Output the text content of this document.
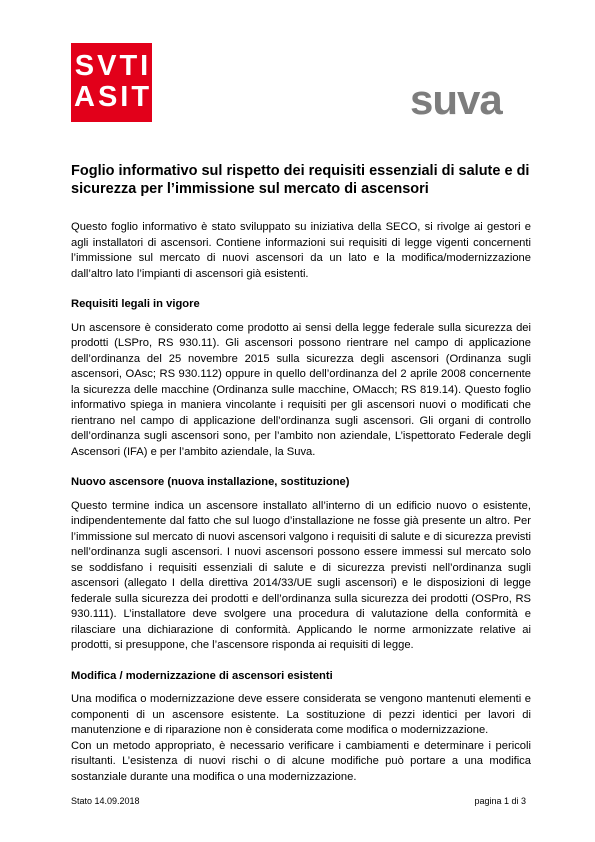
SVTI
ASIT	suva
Foglio informativo sul rispetto dei requisiti essenziali di salute e di sicurezza per l’immissione sul mercato di ascensori

Questo foglio informativo è stato sviluppato su iniziativa della SECO, si rivolge ai gestori e agli installatori di ascensori. Contiene informazioni sui requisiti di legge vigenti concernenti l’immissione sul mercato di nuovi ascensori da un lato e la modifica/modernizzazione dall’altro lato l’impianti di ascensori già esistenti.

Requisiti legali in vigore

Un ascensore è considerato come prodotto ai sensi della legge federale sulla sicurezza dei prodotti (LSPro, RS 930.11). Gli ascensori possono rientrare nel campo di applicazione dell’ordinanza del 25 novembre 2015 sulla sicurezza degli ascensori (Ordinanza sugli ascensori, OAsc; RS 930.112) oppure in quello dell’ordinanza del 2 aprile 2008 concernente la sicurezza delle macchine (Ordinanza sulle macchine, OMacch; RS 819.14). Questo foglio informativo spiega in maniera vincolante i requisiti per gli ascensori nuovi o modificati che rientrano nel campo di applicazione dell’ordinanza sugli ascensori. Gli organi di controllo dell’ordinanza sugli ascensori sono, per l’ambito non aziendale, L’ispettorato Federale degli Ascensori (IFA) e per l’ambito aziendale, la Suva.

Nuovo ascensore (nuova installazione, sostituzione)

Questo termine indica un ascensore installato all’interno di un edificio nuovo o esistente, indipendentemente dal fatto che sul luogo d’installazione ne fosse già presente un altro. Per l’immissione sul mercato di nuovi ascensori valgono i requisiti di salute e di sicurezza previsti nell’ordinanza sugli ascensori. I nuovi ascensori possono essere immessi sul mercato solo se soddisfano i requisiti essenziali di salute e di sicurezza previsti nell’ordinanza sugli ascensori (allegato I della direttiva 2014/33/UE sugli ascensori) e le disposizioni di legge federale sulla sicurezza dei prodotti e dell’ordinanza sulla sicurezza dei prodotti (OSPro, RS 930.111). L’installatore deve svolgere una procedura di valutazione della conformità e rilasciare una dichiarazione di conformità. Applicando le norme armonizzate relative ai prodotti, si presuppone, che l’ascensore risponda ai requisiti di legge.

Modifica / modernizzazione di ascensori esistenti

Una modifica o modernizzazione deve essere considerata se vengono mantenuti elementi e componenti di un ascensore esistente. La sostituzione di pezzi identici per lavori di manutenzione e di riparazione non è considerata come modifica o modernizzazione.

Con un metodo appropriato, è necessario verificare i cambiamenti e determinare i pericoli risultanti. L’esistenza di nuovi rischi o di alcune modifiche può portare a una modifica sostanziale durante una modifica o una modernizzazione.

Stato 14.09.2018	pagina 1 di 3
